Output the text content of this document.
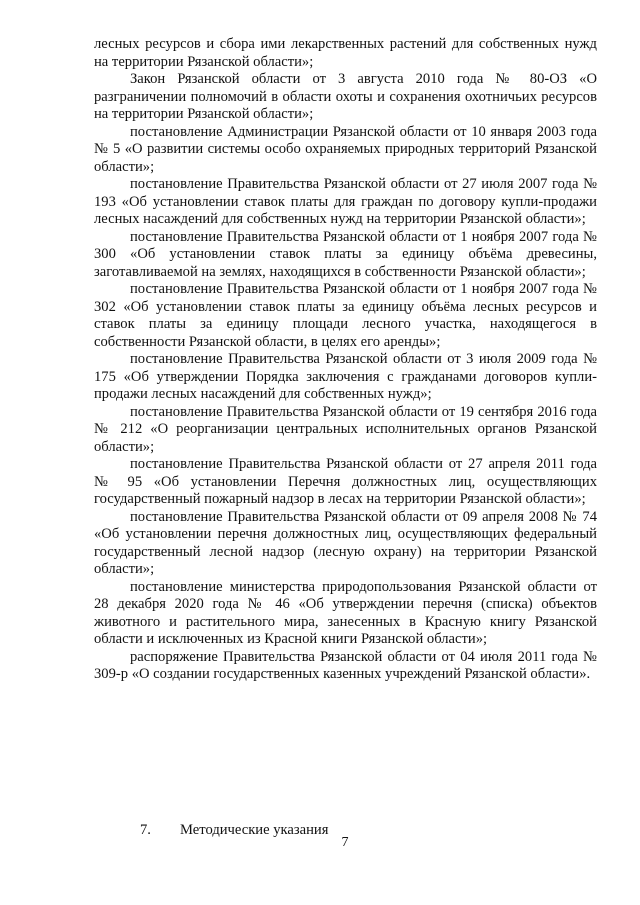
лесных ресурсов и сбора ими лекарственных растений для собственных нужд на территории Рязанской области»;

Закон Рязанской области от 3 августа 2010 года № 80-ОЗ «О разграничении полномочий в области охоты и сохранения охотничьих ресурсов на территории Рязанской области»;

постановление Администрации Рязанской области от 10 января 2003 года № 5 «О развитии системы особо охраняемых природных территорий Рязанской области»;

постановление Правительства Рязанской области от 27 июля 2007 года № 193 «Об установлении ставок платы для граждан по договору купли-продажи лесных насаждений для собственных нужд на территории Рязанской области»;

постановление Правительства Рязанской области от 1 ноября 2007 года № 300 «Об установлении ставок платы за единицу объёма древесины, заготавливаемой на землях, находящихся в собственности Рязанской области»;

постановление Правительства Рязанской области от 1 ноября 2007 года № 302 «Об установлении ставок платы за единицу объёма лесных ресурсов и ставок платы за единицу площади лесного участка, находящегося в собственности Рязанской области, в целях его аренды»;

постановление Правительства Рязанской области от 3 июля 2009 года № 175 «Об утверждении Порядка заключения с гражданами договоров купли-продажи лесных насаждений для собственных нужд»;

постановление Правительства Рязанской области от 19 сентября 2016 года № 212 «О реорганизации центральных исполнительных органов Рязанской области»;

постановление Правительства Рязанской области от 27 апреля 2011 года № 95 «Об установлении Перечня должностных лиц, осуществляющих государственный пожарный надзор в лесах на территории Рязанской области»;

постановление Правительства Рязанской области от 09 апреля 2008 № 74 «Об установлении перечня должностных лиц, осуществляющих федеральный государственный лесной надзор (лесную охрану) на территории Рязанской области»;

постановление министерства природопользования Рязанской области от 28 декабря 2020 года № 46 «Об утверждении перечня (списка) объектов животного и растительного мира, занесенных в Красную книгу Рязанской области и исключенных из Красной книги Рязанской области»;

распоряжение Правительства Рязанской области от 04 июля 2011 года № 309-р «О создании государственных казенных учреждений Рязанской области».

7. Методические указания
7
